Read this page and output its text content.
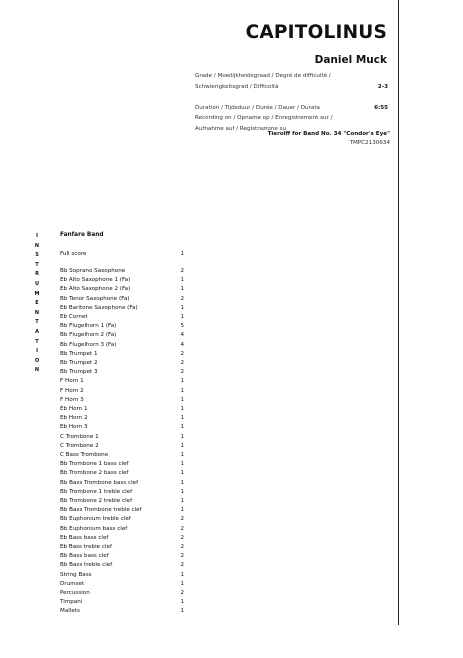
CAPITOLINUS
Daniel Muck
Grade / Moeilijkheidsgraad / Degré de difficulté /
Schwierigkeitsgrad / Difficoltà	2-3
Duration / Tijdsduur / Durée / Dauer / Durata	6:55
Recording on / Opname op / Enregistrement sur /
Aufnahme auf / Registrazione su
Tierolff for Band No. 34 "Condor's Eye"
TMPC2130634
I
N
S
T
R
U
M
E
N
T
A
T
I
O
N
Fanfare Band
Full score	1
Bb Soprano Saxophone	2
Eb Alto Saxophone 1 (Fa)	1
Eb Alto Saxophone 2 (Fa)	1
Bb Tenor Saxophone (Fa)	2
Eb Baritone Saxophone (Fa)	1
Eb Cornet	1
Bb Flugelhorn 1 (Fa)	5
Bb Flugelhorn 2 (Fa)	4
Bb Flugelhorn 3 (Fa)	4
Bb Trumpet 1	2
Bb Trumpet 2	2
Bb Trumpet 3	2
F Horn 1	1
F Horn 2	1
F Horn 3	1
Eb Horn 1	1
Eb Horn 2	1
Eb Horn 3	1
C Trombone 1	1
C Trombone 2	1
C Bass Trombone	1
Bb Trombone 1 bass clef	1
Bb Trombone 2 bass clef	1
Bb Bass Trombone bass clef	1
Bb Trombone 1 treble clef	1
Bb Trombone 2 treble clef	1
Bb Bass Trombone treble clef	1
Bb Euphonium treble clef	2
Bb Euphonium bass clef	2
Eb Bass bass clef	2
Eb Bass treble clef	2
Bb Bass bass clef	2
Bb Bass treble clef	2
String Bass	1
Drumset	1
Percussion	2
Timpani	1
Mallets	1
